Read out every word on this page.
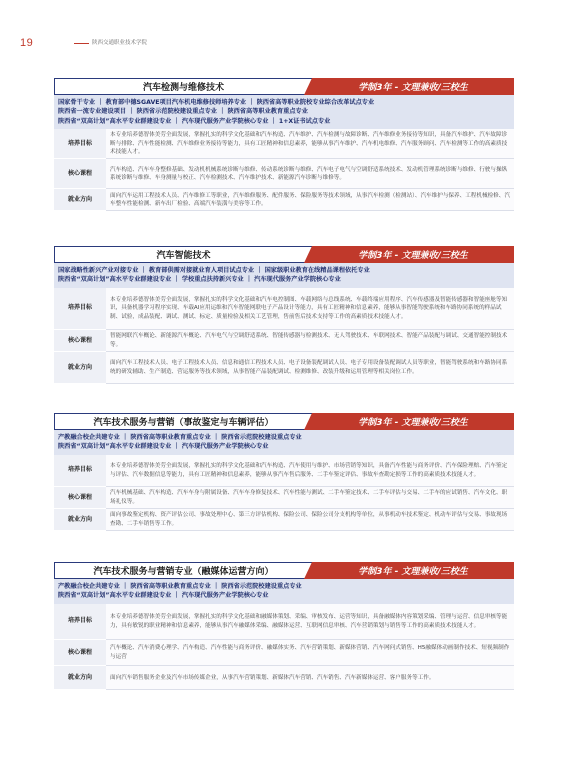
19	陕西交通职业技术学院
汽车检测与维修技术	学制3年 - 文理兼收/三校生
国家骨干专业 ｜ 教育部中德SGAVE项目汽车机电维修技师培养专业 ｜ 陕西省高等职业院校专业综合改革试点专业
陕西省一流专业建设项目 ｜ 陕西省示范院校建设重点专业 ｜ 陕西省高等职业教育重点专业
陕西省“双高计划”高水平专业群建设专业 ｜ 汽车现代服务产业学院核心专业 ｜ 1+X证书试点专业
培养目标	本专业培养德智体美劳全面发展，掌握扎实的科学文化基础和汽车构造、汽车维护、汽车检测与故障诊断、汽车维修业务接待等知识，具备汽车维护、汽车故障诊断与排除、汽车性能检测、汽车维修业务接待等能力，具有工匠精神和信息素养，能够从事汽车维护、汽车机电维修、汽车服务顾问、汽车检测等工作的高素质技术技能人才。
核心课程	汽车构造、汽车车身整修基础、发动机机械系统诊断与维修、传动系统诊断与维修、汽车电子电气与空调舒适系统技术、发动机管理系统诊断与维修、行驶与操纵系统诊断与维修、车身测量与校正、汽车检测技术、汽车维护技术、新能源汽车诊断与维修等。
就业方向	面向汽车运用工程技术人员、汽车维修工等职业，汽车维修服务、配件服务、保险服务等技术领域，从事汽车检测（检测站）、汽车维护与保养、工程机械检修、汽车整车性能检测、新车出厂检验、高端汽车装潢与美容等工作。
汽车智能技术	学制3年 - 文理兼收/三校生
国家战略性新兴产业对接专业 ｜ 教育部供需对接就业育人项目试点专业 ｜ 国家级职业教育在线精品课程依托专业
陕西省“双高计划”高水平专业群建设专业 ｜ 学校重点扶持新兴专业 ｜ 汽车现代服务产业学院核心专业
培养目标	本专业培养德智体美劳全面发展，掌握扎实的科学文化基础和汽车电控制图、车载网络与总线系统、车载终端应用程序、汽车传感器及智能传感器和智能座舱等知识，具备机器学习程序实现、车载AI应用运维和汽车智能网联电子产品设计等能力，具有工匠精神和信息素养，能够从事智能驾驶系统和车路协同系统的样品试制、试验，成品装配、调试、测试、标定、质量检验及相关工艺管理，售前售后技术支持等工作的高素质技术技能人才。
核心课程	智能网联汽车概论、新能源汽车概论、汽车电气与空调舒适系统、智能传感器与检测技术、无人驾驶技术、车联网技术、智能产品装配与调试、交通智能控制技术等。
就业方向	面向汽车工程技术人员、电子工程技术人员、信息和通信工程技术人员、电子设备装配调试人员、电子专用设备装配调试人员等职业，智能驾驶系统和车路协同系统的研发辅助、生产制造、营运服务等技术领域，从事智能产品装配调试、检测维修、改装升级和运用管理等相关岗位工作。
汽车技术服务与营销（事故鉴定与车辆评估）	学制3年 - 文理兼收/三校生
产教融合校企共建专业 ｜ 陕西省高等职业教育重点专业 ｜ 陕西省示范院校建设重点专业
陕西省“双高计划”高水平专业群建设专业 ｜ 汽车现代服务产业学院核心专业
培养目标	本专业培养德智体美劳全面发展，掌握扎实的科学文化基础和汽车构造、汽车使用与维护、市场营销等知识，具备汽车性能与商务评价、汽车保险理赔、汽车鉴定与评估、汽车数据信息等能力，具有工匠精神和信息素养，能够从事汽车售后服务、二手车鉴定评估、事故车查勘定损等工作的高素质技术技能人才。
核心课程	汽车机械基础、汽车构造、汽车车身与附属设备、汽车车身修复技术、汽车性能与测试、二手车鉴定技术、二手车评估与交易、二手车的应试销售、汽车文化、职场礼仪等。
就业方向	面向事故鉴定机构、资产评估公司、事故处理中心、第三方评估机构、保险公司、保险公司分支机构等单位，从事机动车技术鉴定、机动车评估与交易、事故现场查勘、二手车销售等工作。
汽车技术服务与营销专业（融媒体运营方向）	学制3年 - 文理兼收/三校生
产教融合校企共建专业 ｜ 陕西省高等职业教育重点专业 ｜ 陕西省示范院校建设重点专业
陕西省“双高计划”高水平专业群建设专业 ｜ 汽车现代服务产业学院核心专业
培养目标	本专业培养德智体美劳全面发展，掌握扎实的科学文化基础和融媒体策划、采编、审核发布、运营等知识，具备融媒体内容策划采编、管理与运营、信息审核等能力，具有敏锐的职业精神和信息素养，能够从事汽车融媒体采编、融媒体运营、互联网信息审核、汽车营销策划与销售等工作的高素质技术技能人才。
核心课程	汽车概论、汽车消费心理学、汽车构造、汽车性能与商务评价、融媒体实务、汽车营销策划、新媒体营销、汽车网问式销售、H5融媒体动画制作技术、短视频制作与运营
就业方向	面向汽车销售服务企业及汽车市场传媒企业，从事汽车营销策划、新媒体汽车营销、汽车销售、汽车新媒体运营、客户服务等工作。
